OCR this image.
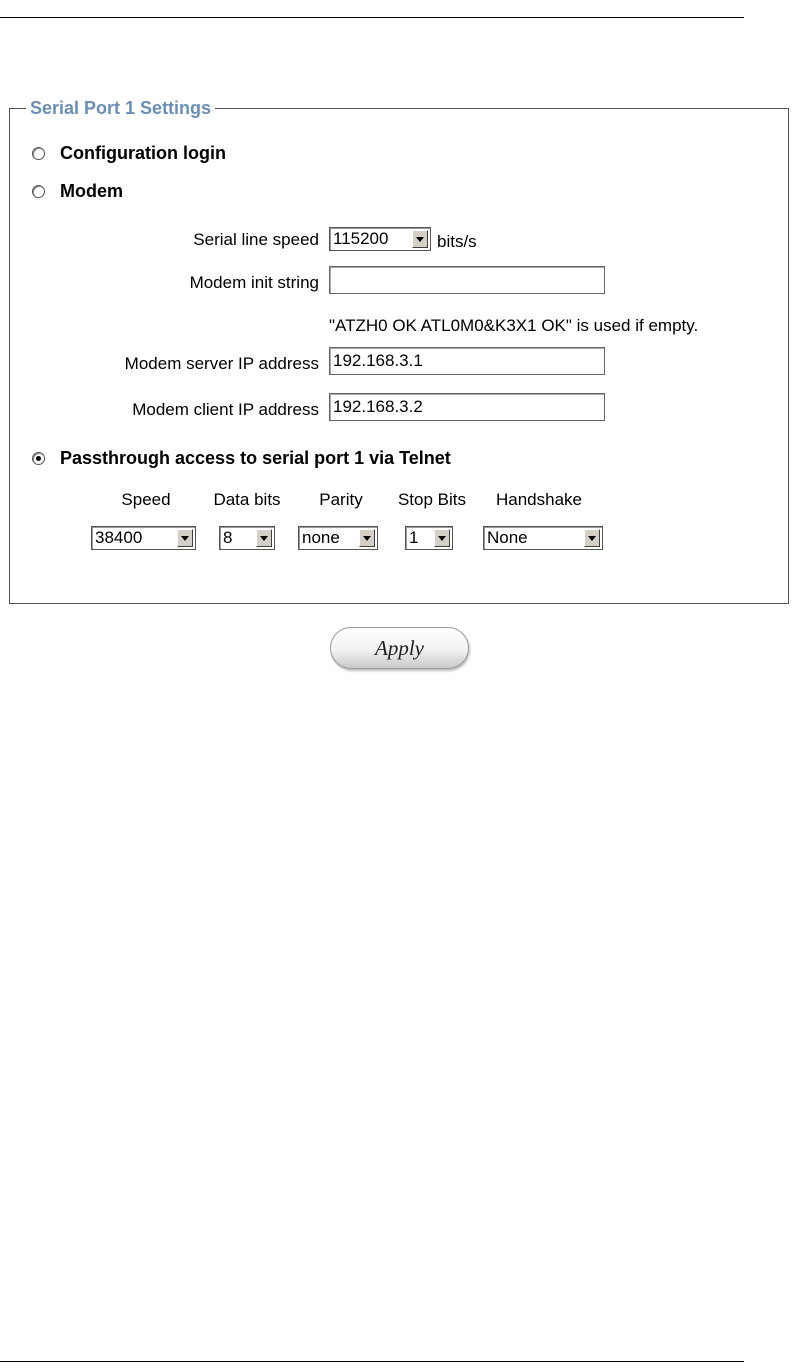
Serial Port 1 Settings
Configuration login
Modem
Serial line speed 115200	bits/s
Modem init string
"ATZH0 OK ATL0M0&K3X1 OK" is used if empty.
Modem server IP address 192.168.3.1
Modem client IP address 192.168.3.2
Passthrough access to serial port 1 via Telnet
Speed	Data bits	Parity	Stop Bits	Handshake
38400	8	none	1	None
Apply
